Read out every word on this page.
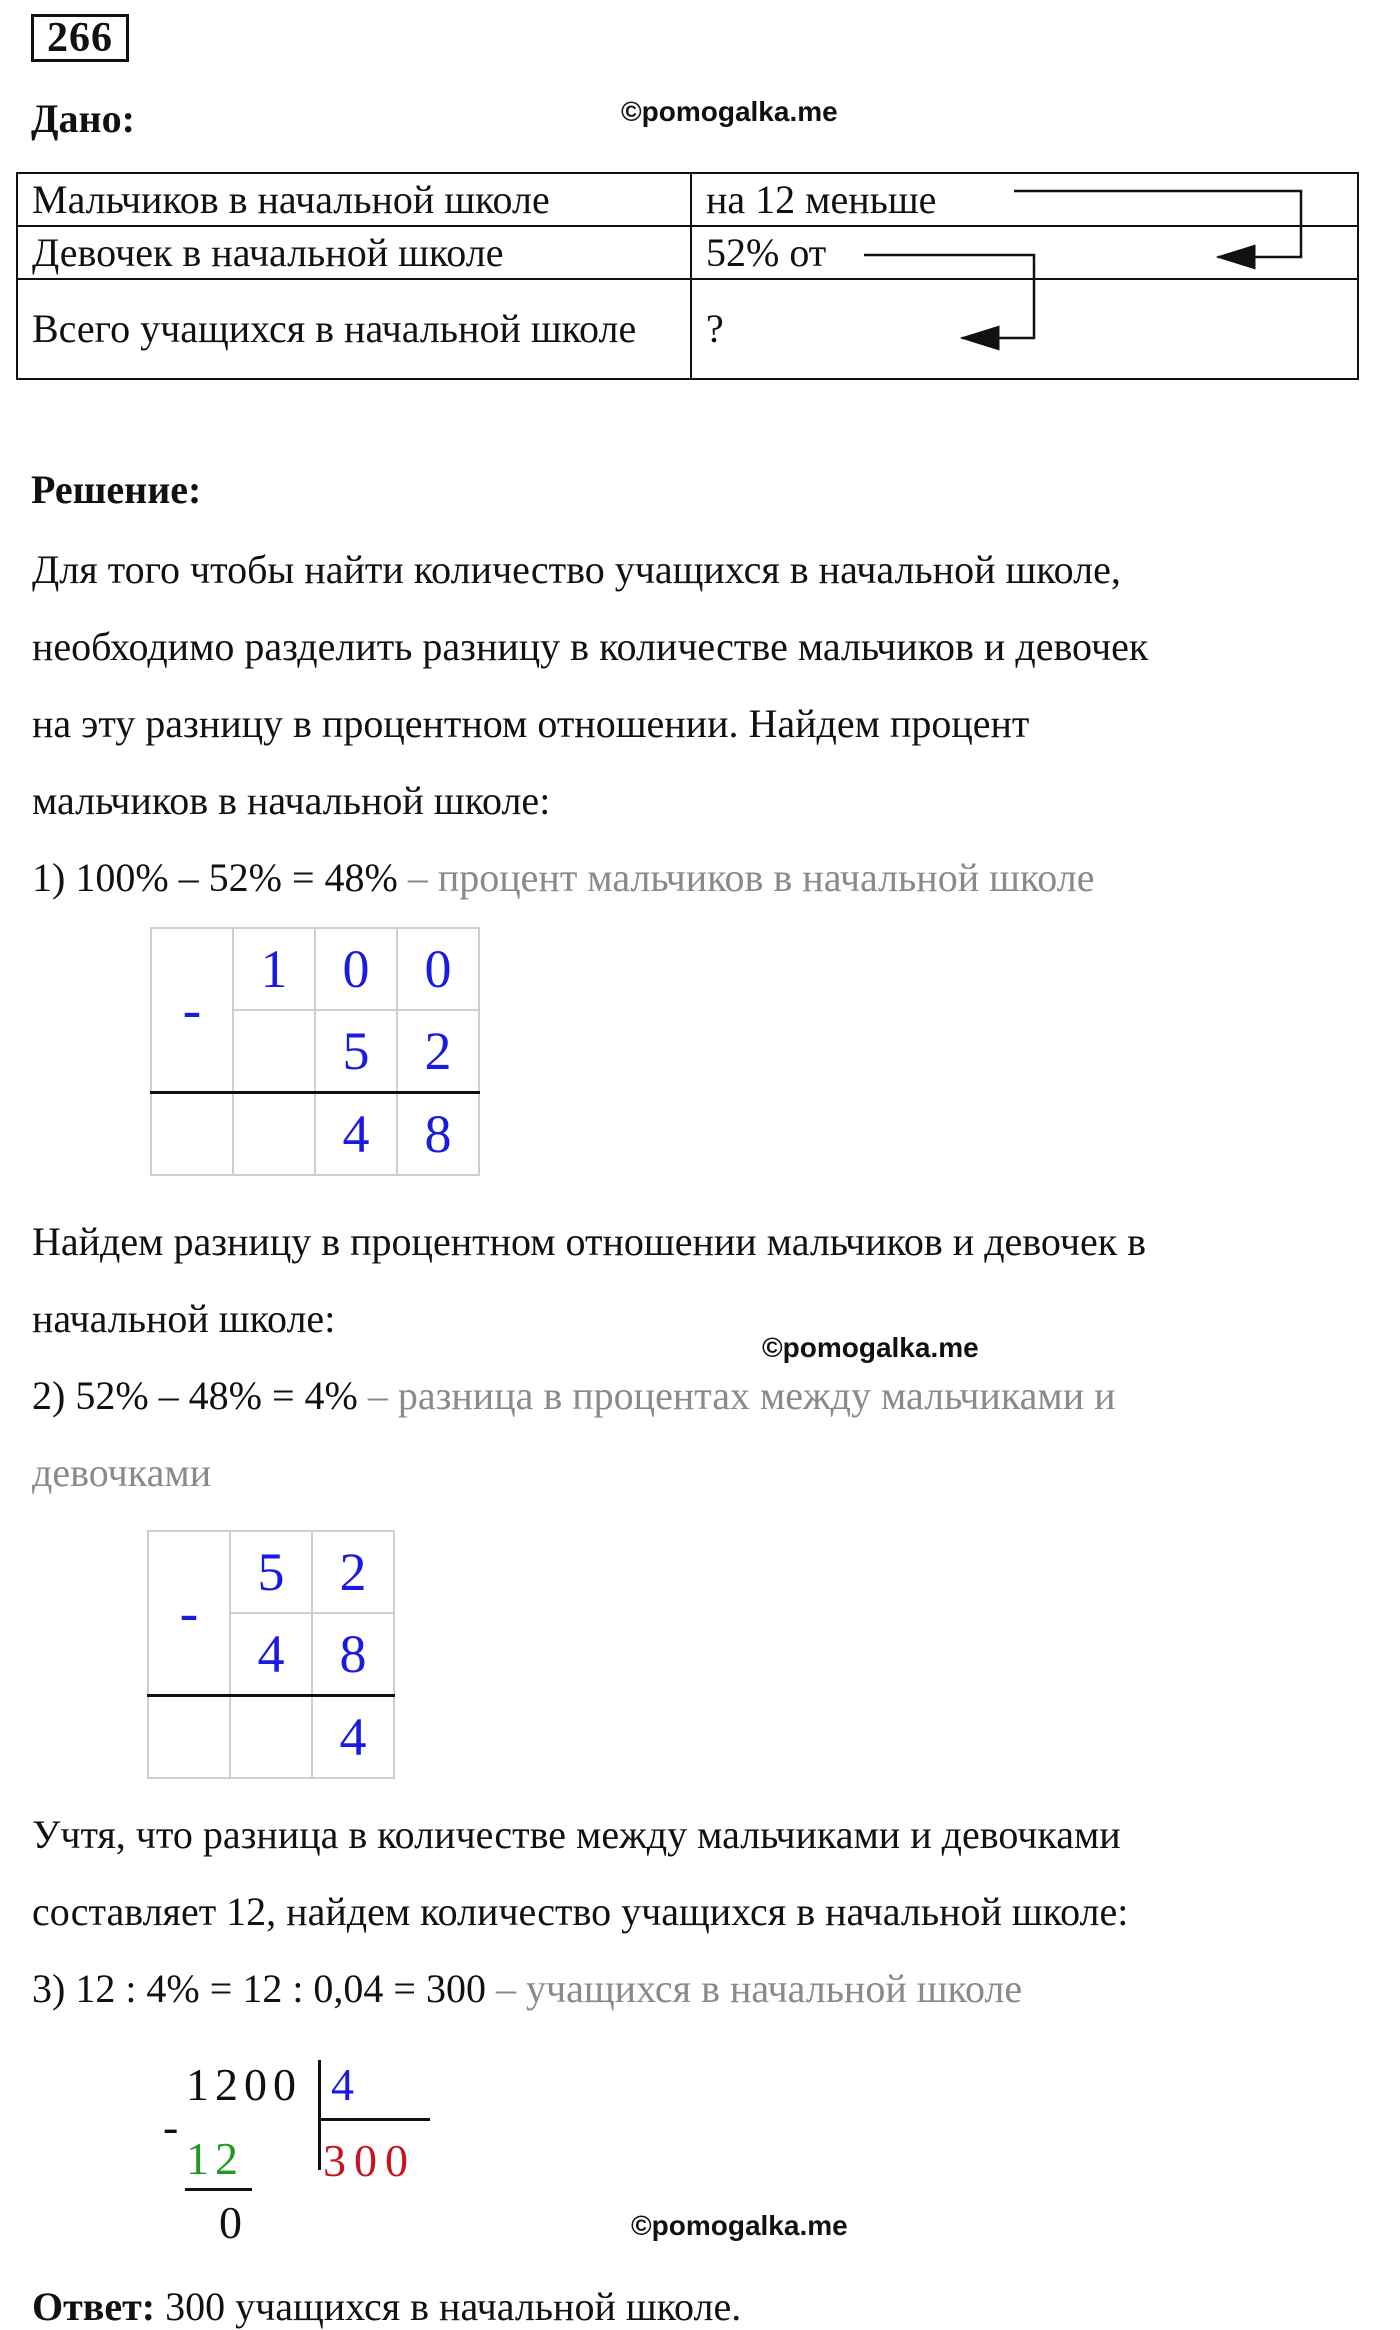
266
Дано:	©pomogalka.me
Мальчиков в начальной школе	на 12 меньше
Девочек в начальной школе	52% от
Всего учащихся в начальной школе	?
Решение:
Для того чтобы найти количество учащихся в начальной школе,
необходимо разделить разницу в количестве мальчиков и девочек
на эту разницу в процентном отношении. Найдем процент
мальчиков в начальной школе:
1) 100% – 52% = 48% – процент мальчиков в начальной школе
-	1	0	0
		5	2
		4	8
Найдем разницу в процентном отношении мальчиков и девочек в
начальной школе:
2) 52% – 48% = 4% – разница в процентах между мальчиками и
девочками
©pomogalka.me
-	5	2
	4	8
		4
Учтя, что разница в количестве между мальчиками и девочками
составляет 12, найдем количество учащихся в начальной школе:
3) 12 : 4% = 12 : 0,04 = 300 – учащихся в начальной школе
1200 4
-
12 300
0	©pomogalka.me
Ответ: 300 учащихся в начальной школе.
